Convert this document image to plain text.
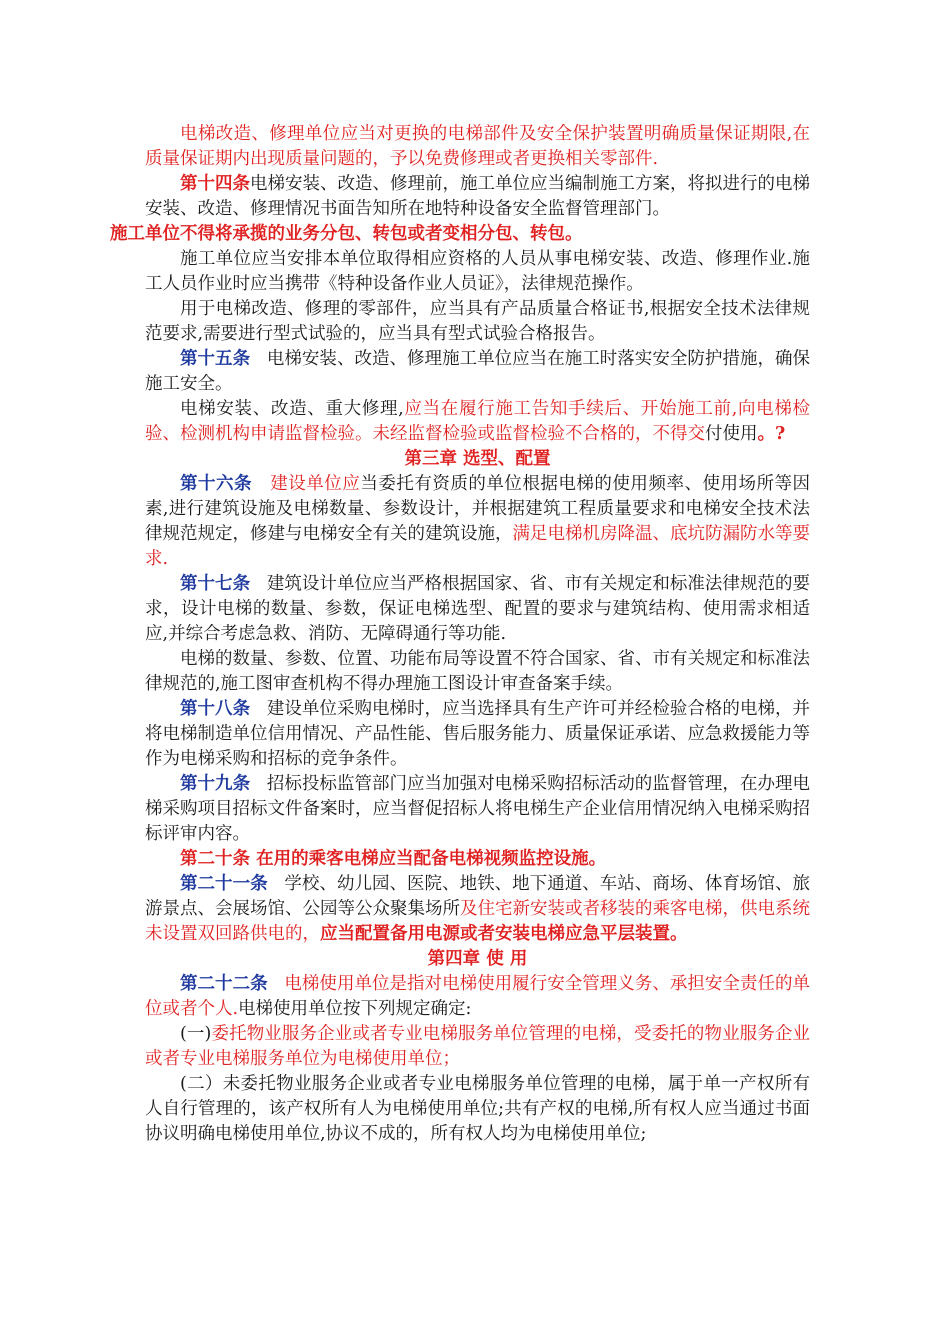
电梯改造、修理单位应当对更换的电梯部件及安全保护装置明确质量保证期限,在质量保证期内出现质量问题的，予以免费修理或者更换相关零部件.

第十四条电梯安装、改造、修理前，施工单位应当编制施工方案，将拟进行的电梯安装、改造、修理情况书面告知所在地特种设备安全监督管理部门。
施工单位不得将承揽的业务分包、转包或者变相分包、转包。

施工单位应当安排本单位取得相应资格的人员从事电梯安装、改造、修理作业.施工人员作业时应当携带《特种设备作业人员证》，法律规范操作。

用于电梯改造、修理的零部件，应当具有产品质量合格证书,根据安全技术法律规范要求,需要进行型式试验的，应当具有型式试验合格报告。

第十五条 电梯安装、改造、修理施工单位应当在施工时落实安全防护措施，确保施工安全。

电梯安装、改造、重大修理,应当在履行施工告知手续后、开始施工前,向电梯检验、检测机构申请监督检验。未经监督检验或监督检验不合格的，不得交付使用。?

第三章 选型、配置

第十六条 建设单位应当委托有资质的单位根据电梯的使用频率、使用场所等因素,进行建筑设施及电梯数量、参数设计，并根据建筑工程质量要求和电梯安全技术法律规范规定，修建与电梯安全有关的建筑设施，满足电梯机房降温、底坑防漏防水等要求.

第十七条 建筑设计单位应当严格根据国家、省、市有关规定和标准法律规范的要求，设计电梯的数量、参数，保证电梯选型、配置的要求与建筑结构、使用需求相适应,并综合考虑急救、消防、无障碍通行等功能.

电梯的数量、参数、位置、功能布局等设置不符合国家、省、市有关规定和标准法律规范的,施工图审查机构不得办理施工图设计审查备案手续。

第十八条 建设单位采购电梯时，应当选择具有生产许可并经检验合格的电梯，并将电梯制造单位信用情况、产品性能、售后服务能力、质量保证承诺、应急救援能力等作为电梯采购和招标的竞争条件。

第十九条 招标投标监管部门应当加强对电梯采购招标活动的监督管理，在办理电梯采购项目招标文件备案时，应当督促招标人将电梯生产企业信用情况纳入电梯采购招标评审内容。

第二十条 在用的乘客电梯应当配备电梯视频监控设施。

第二十一条 学校、幼儿园、医院、地铁、地下通道、车站、商场、体育场馆、旅游景点、会展场馆、公园等公众聚集场所及住宅新安装或者移装的乘客电梯，供电系统未设置双回路供电的，应当配置备用电源或者安装电梯应急平层装置。

第四章 使 用

第二十二条 电梯使用单位是指对电梯使用履行安全管理义务、承担安全责任的单位或者个人.电梯使用单位按下列规定确定:

(一)委托物业服务企业或者专业电梯服务单位管理的电梯，受委托的物业服务企业或者专业电梯服务单位为电梯使用单位；

(二）未委托物业服务企业或者专业电梯服务单位管理的电梯，属于单一产权所有人自行管理的，该产权所有人为电梯使用单位;共有产权的电梯,所有权人应当通过书面协议明确电梯使用单位,协议不成的，所有权人均为电梯使用单位;
